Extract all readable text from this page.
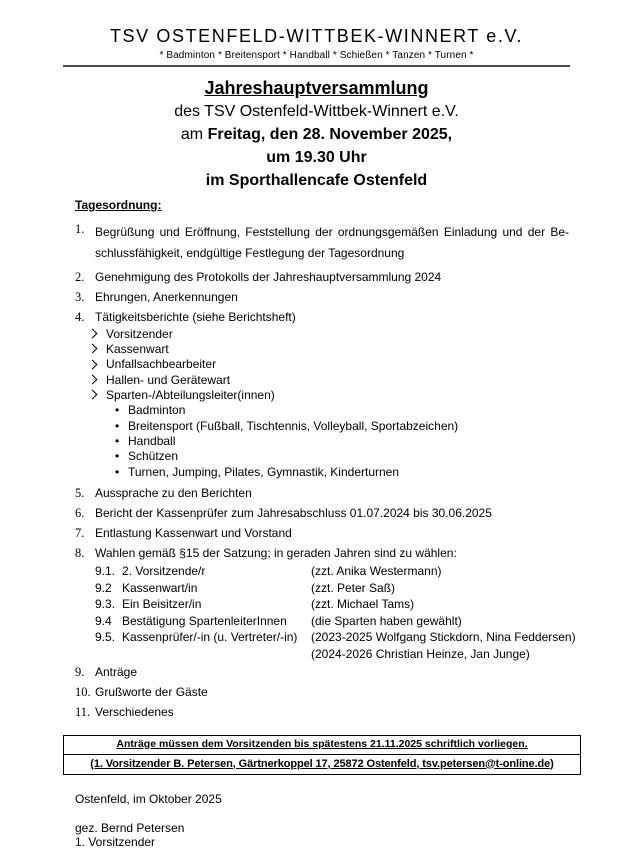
TSV OSTENFELD-WITTBEK-WINNERT e.V.
* Badminton * Breitensport * Handball * Schießen * Tanzen * Turnen *
Jahreshauptversammlung
des TSV Ostenfeld-Wittbek-Winnert e.V.
am Freitag, den 28. November 2025,
um 19.30 Uhr
im Sporthallencafe Ostenfeld
Tagesordnung:
1. Begrüßung und Eröffnung, Feststellung der ordnungsgemäßen Einladung und der Be-
schlussfähigkeit, endgültige Festlegung der Tagesordnung
2. Genehmigung des Protokolls der Jahreshauptversammlung 2024
3. Ehrungen, Anerkennungen
4. Tätigkeitsberichte (siehe Berichtsheft)
Vorsitzender
Kassenwart
Unfallsachbearbeiter
Hallen- und Gerätewart
Sparten-/Abteilungsleiter(innen)
• Badminton
• Breitensport (Fußball, Tischtennis, Volleyball, Sportabzeichen)
• Handball
• Schützen
• Turnen, Jumping, Pilates, Gymnastik, Kinderturnen
5. Aussprache zu den Berichten
6. Bericht der Kassenprüfer zum Jahresabschluss 01.07.2024 bis 30.06.2025
7. Entlastung Kassenwart und Vorstand
8. Wahlen gemäß §15 der Satzung; in geraden Jahren sind zu wählen:
9.1. 2. Vorsitzende/r	(zzt. Anika Westermann)
9.2 Kassenwart/in	(zzt. Peter Saß)
9.3. Ein Beisitzer/in	(zzt. Michael Tams)
9.4 Bestätigung SpartenleiterInnen	(die Sparten haben gewählt)
9.5. Kassenprüfer/-in (u. Vertreter/-in)	(2023-2025 Wolfgang Stickdorn, Nina Feddersen)
(2024-2026 Christian Heinze, Jan Junge)
9. Anträge
10. Grußworte der Gäste
11. Verschiedenes
Anträge müssen dem Vorsitzenden bis spätestens 21.11.2025 schriftlich vorliegen.
(1. Vorsitzender B. Petersen, Gärtnerkoppel 17, 25872 Ostenfeld, tsv.petersen@t-online.de)
Ostenfeld, im Oktober 2025
gez. Bernd Petersen
1. Vorsitzender
